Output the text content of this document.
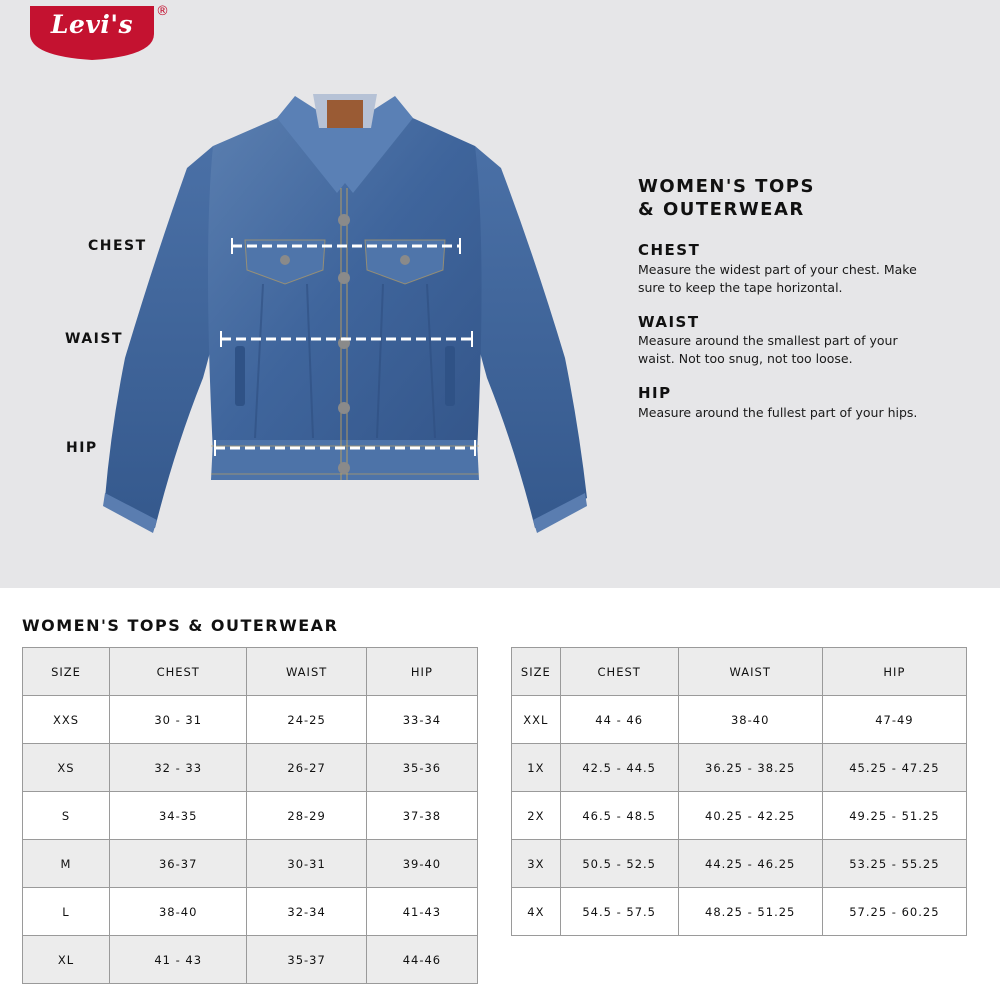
Levi's	®
CHEST
WAIST
HIP
WOMEN'S TOPS
& OUTERWEAR
CHEST
Measure the widest part of your chest. Make sure to keep the tape horizontal.
WAIST
Measure around the smallest part of your waist. Not too snug, not too loose.
HIP
Measure around the fullest part of your hips.
WOMEN'S TOPS & OUTERWEAR
SIZE	CHEST	WAIST	HIP
XXS	30 - 31	24-25	33-34
XS	32 - 33	26-27	35-36
S	34-35	28-29	37-38
M	36-37	30-31	39-40
L	38-40	32-34	41-43
XL	41 - 43	35-37	44-46
SIZE	CHEST	WAIST	HIP
XXL	44 - 46	38-40	47-49
1X	42.5 - 44.5	36.25 - 38.25	45.25 - 47.25
2X	46.5 - 48.5	40.25 - 42.25	49.25 - 51.25
3X	50.5 - 52.5	44.25 - 46.25	53.25 - 55.25
4X	54.5 - 57.5	48.25 - 51.25	57.25 - 60.25
